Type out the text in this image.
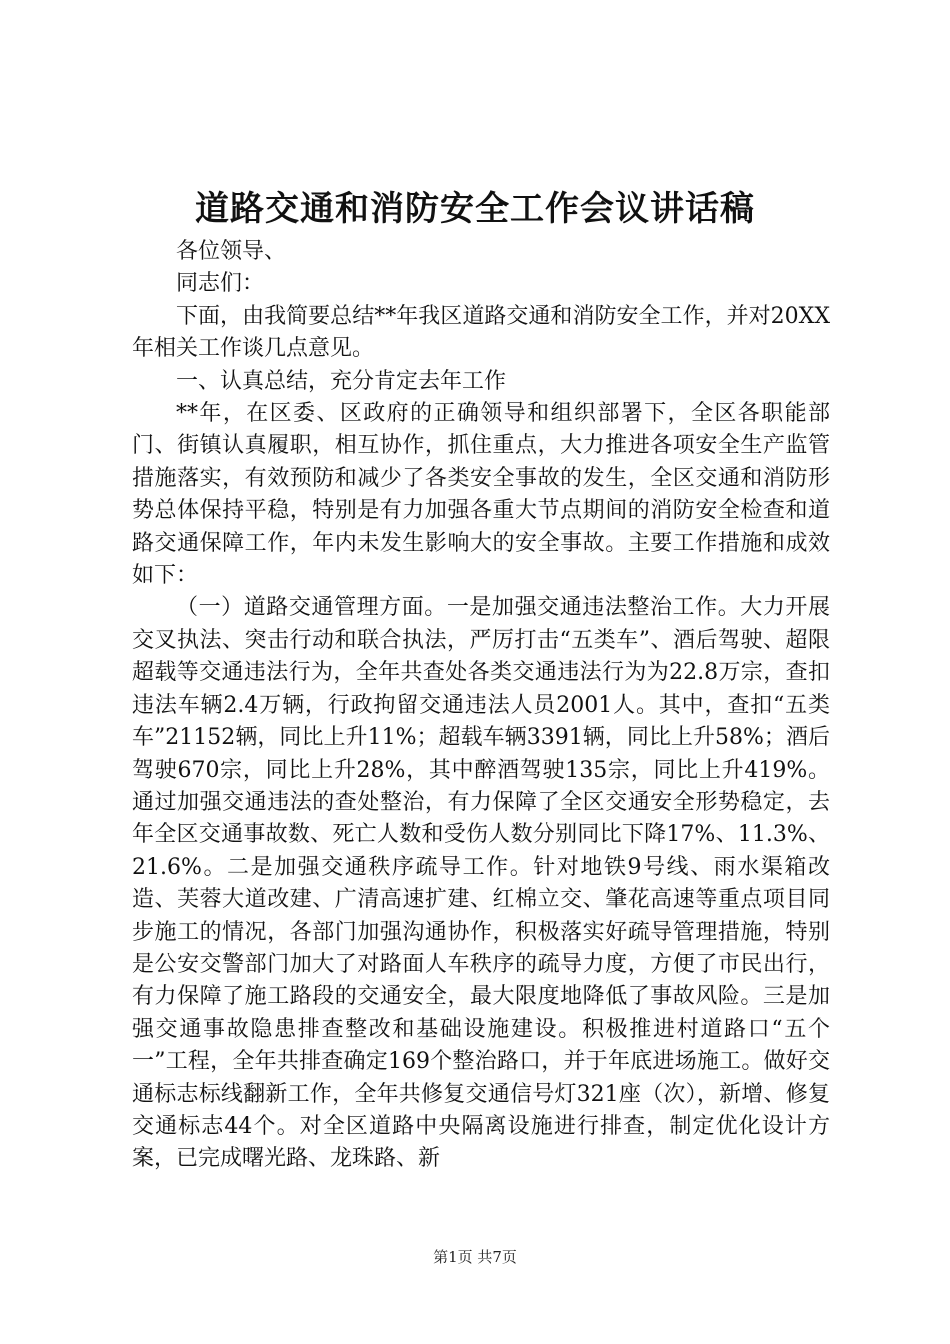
道路交通和消防安全工作会议讲话稿

各位领导、

同志们：

下面，由我简要总结**年我区道路交通和消防安全工作，并对20XX年相关工作谈几点意见。

一、认真总结，充分肯定去年工作

**年，在区委、区政府的正确领导和组织部署下，全区各职能部门、街镇认真履职，相互协作，抓住重点，大力推进各项安全生产监管措施落实，有效预防和减少了各类安全事故的发生，全区交通和消防形势总体保持平稳，特别是有力加强各重大节点期间的消防安全检查和道路交通保障工作，年内未发生影响大的安全事故。主要工作措施和成效如下：

（一）道路交通管理方面。一是加强交通违法整治工作。大力开展交叉执法、突击行动和联合执法，严厉打击“五类车”、酒后驾驶、超限超载等交通违法行为，全年共查处各类交通违法行为为22.8万宗，查扣违法车辆2.4万辆，行政拘留交通违法人员2001人。其中，查扣“五类车”21152辆，同比上升11%；超载车辆3391辆，同比上升58%；酒后驾驶670宗，同比上升28%，其中醉酒驾驶135宗，同比上升419%。通过加强交通违法的查处整治，有力保障了全区交通安全形势稳定，去年全区交通事故数、死亡人数和受伤人数分别同比下降17%、11.3%、21.6%。二是加强交通秩序疏导工作。针对地铁9号线、雨水渠箱改造、芙蓉大道改建、广清高速扩建、红棉立交、肇花高速等重点项目同步施工的情况，各部门加强沟通协作，积极落实好疏导管理措施，特别是公安交警部门加大了对路面人车秩序的疏导力度，方便了市民出行，有力保障了施工路段的交通安全，最大限度地降低了事故风险。三是加强交通事故隐患排查整改和基础设施建设。积极推进村道路口“五个一”工程，全年共排查确定169个整治路口，并于年底进场施工。做好交通标志标线翻新工作，全年共修复交通信号灯321座（次），新增、修复交通标志44个。对全区道路中央隔离设施进行排查，制定优化设计方案，已完成曙光路、龙珠路、新

第1页 共7页
